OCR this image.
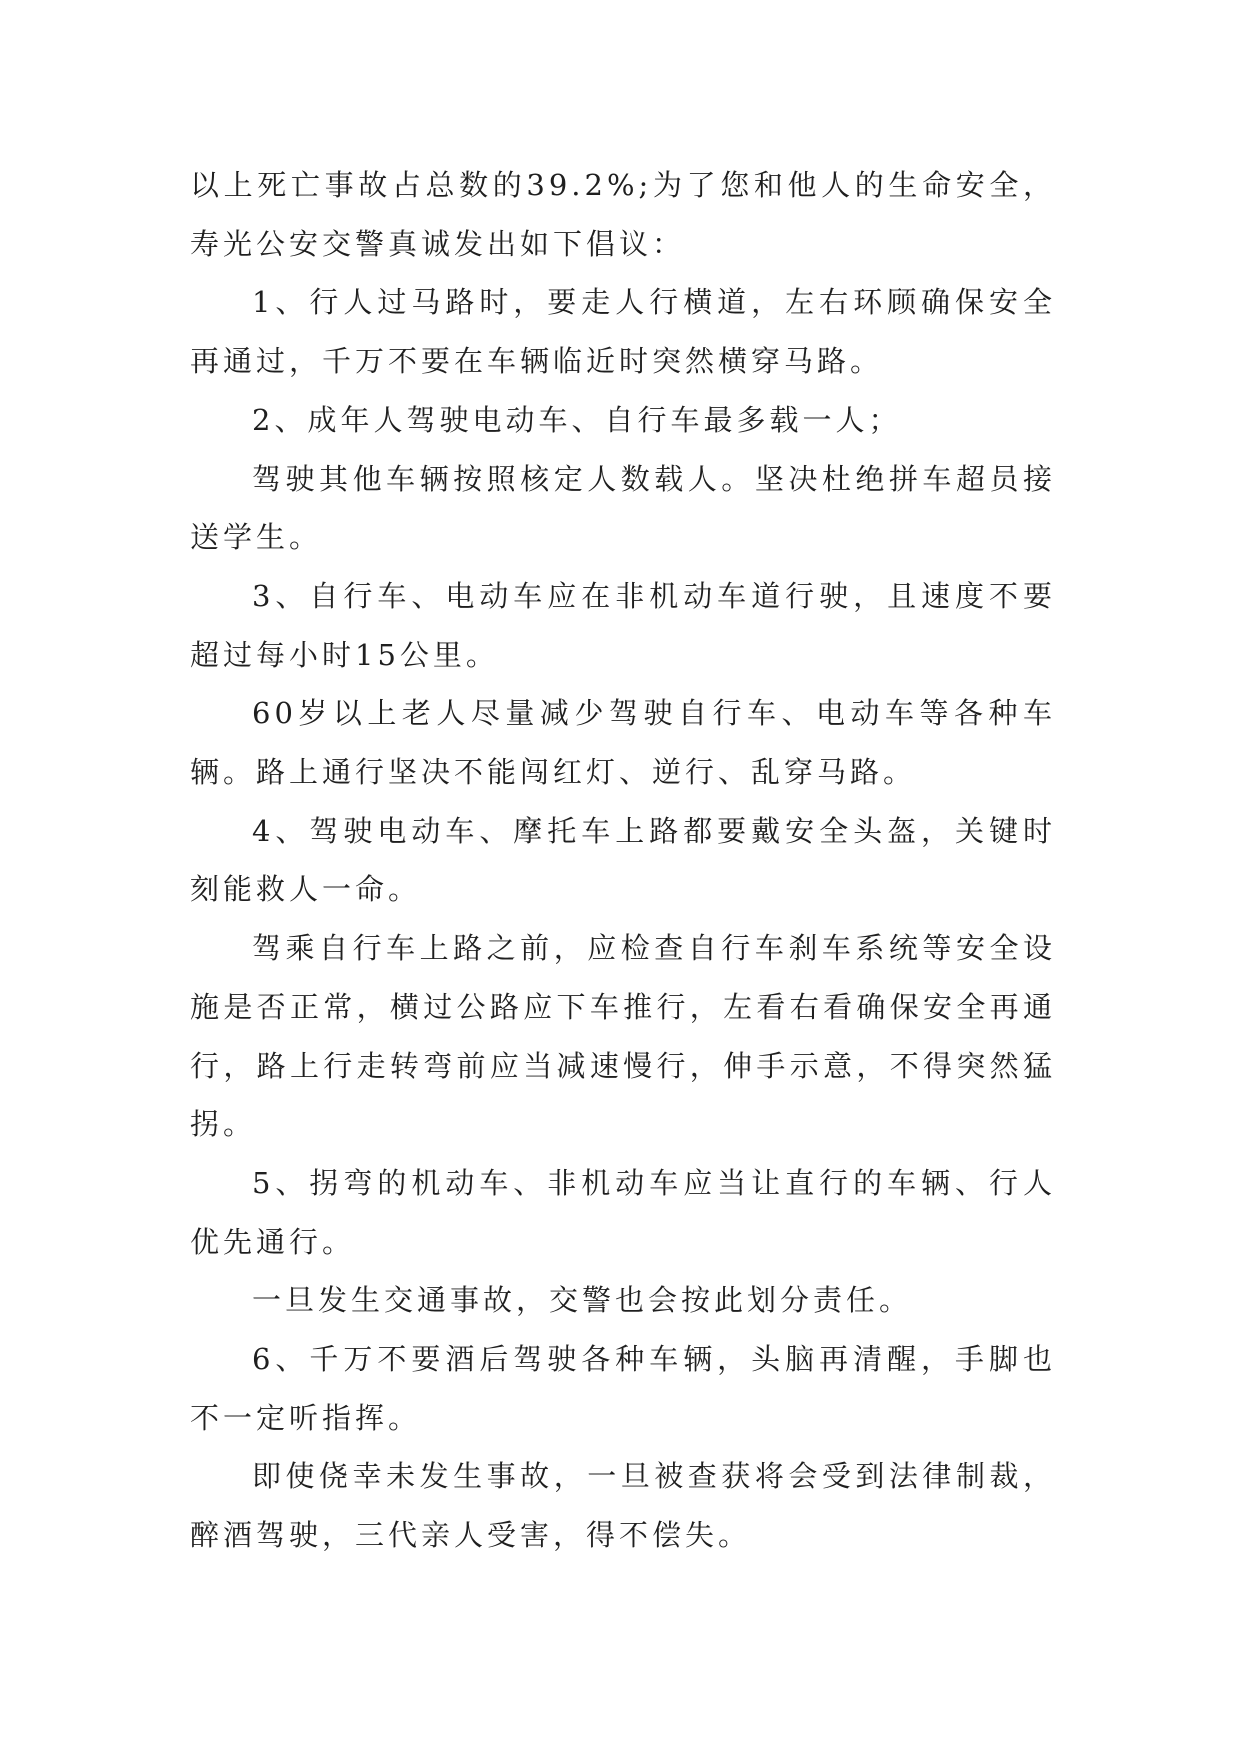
以上死亡事故占总数的39.2%;为了您和他人的生命安全，寿光公安交警真诚发出如下倡议：

1、行人过马路时，要走人行横道，左右环顾确保安全再通过，千万不要在车辆临近时突然横穿马路。

2、成年人驾驶电动车、自行车最多载一人；

驾驶其他车辆按照核定人数载人。坚决杜绝拼车超员接送学生。

3、自行车、电动车应在非机动车道行驶，且速度不要超过每小时15公里。

60岁以上老人尽量减少驾驶自行车、电动车等各种车辆。路上通行坚决不能闯红灯、逆行、乱穿马路。

4、驾驶电动车、摩托车上路都要戴安全头盔，关键时刻能救人一命。

驾乘自行车上路之前，应检查自行车刹车系统等安全设施是否正常，横过公路应下车推行，左看右看确保安全再通行，路上行走转弯前应当减速慢行，伸手示意，不得突然猛拐。

5、拐弯的机动车、非机动车应当让直行的车辆、行人优先通行。

一旦发生交通事故，交警也会按此划分责任。

6、千万不要酒后驾驶各种车辆，头脑再清醒，手脚也不一定听指挥。

即使侥幸未发生事故，一旦被查获将会受到法律制裁，醉酒驾驶，三代亲人受害，得不偿失。
